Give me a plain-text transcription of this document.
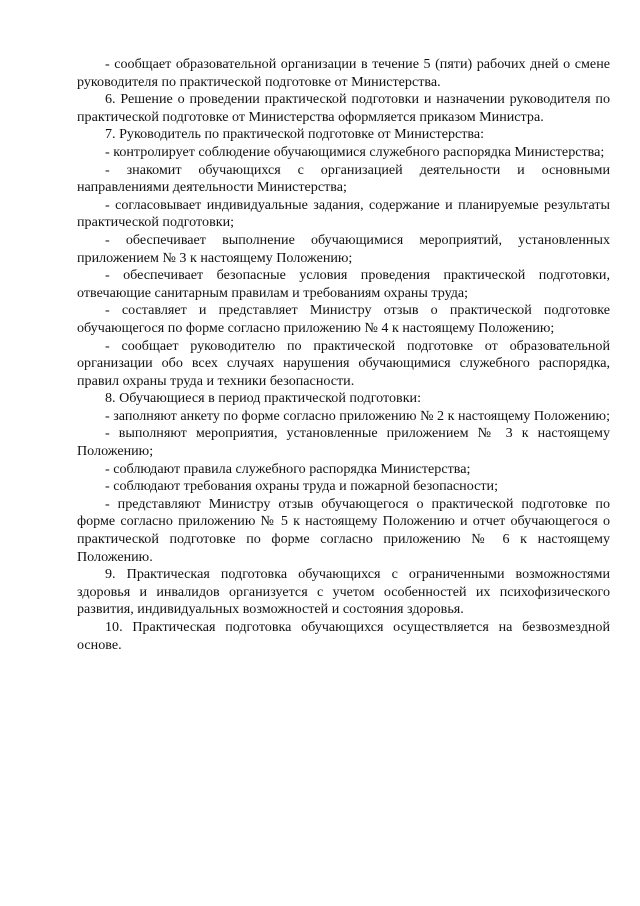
- сообщает образовательной организации в течение 5 (пяти) рабочих дней о смене руководителя по практической подготовке от Министерства.

6. Решение о проведении практической подготовки и назначении руководителя по практической подготовке от Министерства оформляется приказом Министра.

7. Руководитель по практической подготовке от Министерства:

- контролирует соблюдение обучающимися служебного распорядка Министерства;

- знакомит обучающихся с организацией деятельности и основными направлениями деятельности Министерства;

- согласовывает индивидуальные задания, содержание и планируемые результаты практической подготовки;

- обеспечивает выполнение обучающимися мероприятий, установленных приложением № 3 к настоящему Положению;

- обеспечивает безопасные условия проведения практической подготовки, отвечающие санитарным правилам и требованиям охраны труда;

- составляет и представляет Министру отзыв о практической подготовке обучающегося по форме согласно приложению № 4 к настоящему Положению;

- сообщает руководителю по практической подготовке от образовательной организации обо всех случаях нарушения обучающимися служебного распорядка, правил охраны труда и техники безопасности.

8. Обучающиеся в период практической подготовки:

- заполняют анкету по форме согласно приложению № 2 к настоящему Положению;

- выполняют мероприятия, установленные приложением № 3 к настоящему Положению;

- соблюдают правила служебного распорядка Министерства;

- соблюдают требования охраны труда и пожарной безопасности;

- представляют Министру отзыв обучающегося о практической подготовке по форме согласно приложению № 5 к настоящему Положению и отчет обучающегося о практической подготовке по форме согласно приложению № 6 к настоящему Положению.

9. Практическая подготовка обучающихся с ограниченными возможностями здоровья и инвалидов организуется с учетом особенностей их психофизического развития, индивидуальных возможностей и состояния здоровья.

10. Практическая подготовка обучающихся осуществляется на безвозмездной основе.
